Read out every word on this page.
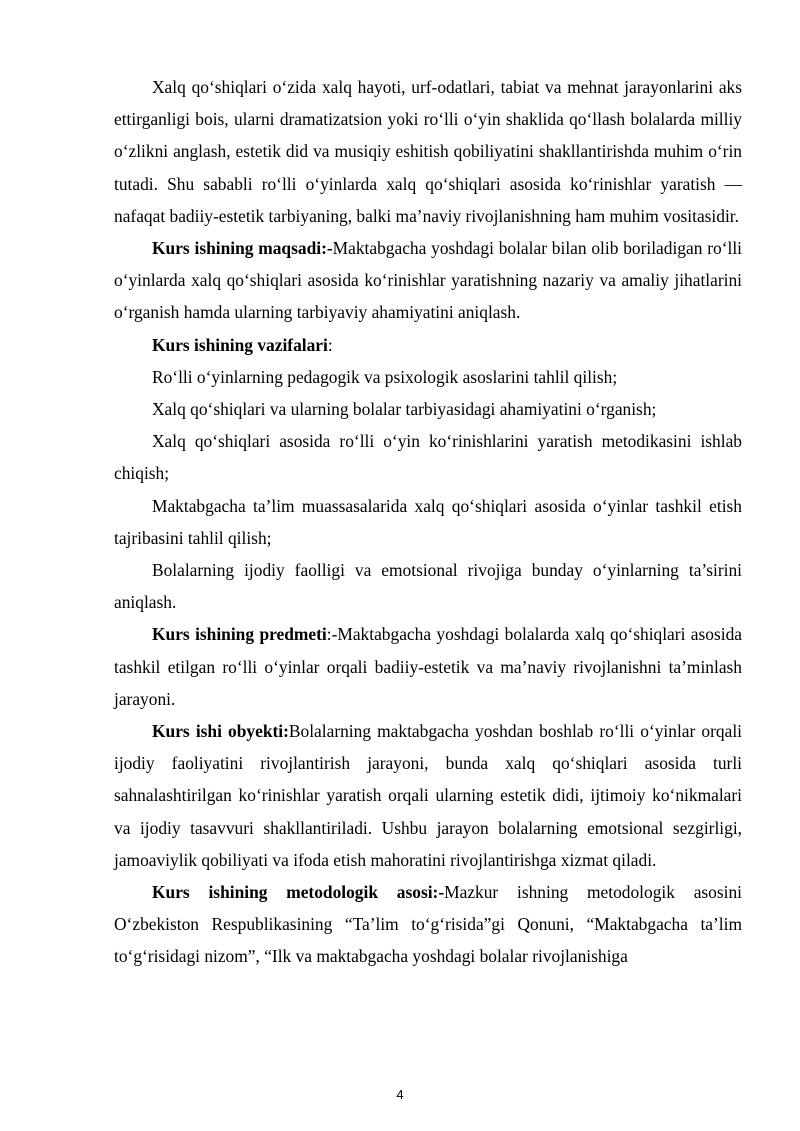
Xalq qo‘shiqlari o‘zida xalq hayoti, urf-odatlari, tabiat va mehnat jarayonlarini aks ettirganligi bois, ularni dramatizatsion yoki ro‘lli o‘yin shaklida qo‘llash bolalarda milliy o‘zlikni anglash, estetik did va musiqiy eshitish qobiliyatini shakllantirishda muhim o‘rin tutadi. Shu sababli ro‘lli o‘yinlarda xalq qo‘shiqlari asosida ko‘rinishlar yaratish — nafaqat badiiy-estetik tarbiyaning, balki ma’naviy rivojlanishning ham muhim vositasidir.

Kurs ishining maqsadi:-Maktabgacha yoshdagi bolalar bilan olib boriladigan ro‘lli o‘yinlarda xalq qo‘shiqlari asosida ko‘rinishlar yaratishning nazariy va amaliy jihatlarini o‘rganish hamda ularning tarbiyaviy ahamiyatini aniqlash.

Kurs ishining vazifalari:

Ro‘lli o‘yinlarning pedagogik va psixologik asoslarini tahlil qilish;

Xalq qo‘shiqlari va ularning bolalar tarbiyasidagi ahamiyatini o‘rganish;

Xalq qo‘shiqlari asosida ro‘lli o‘yin ko‘rinishlarini yaratish metodikasini ishlab chiqish;

Maktabgacha ta’lim muassasalarida xalq qo‘shiqlari asosida o‘yinlar tashkil etish tajribasini tahlil qilish;

Bolalarning ijodiy faolligi va emotsional rivojiga bunday o‘yinlarning ta’sirini aniqlash.

Kurs ishining predmeti:-Maktabgacha yoshdagi bolalarda xalq qo‘shiqlari asosida tashkil etilgan ro‘lli o‘yinlar orqali badiiy-estetik va ma’naviy rivojlanishni ta’minlash jarayoni.

Kurs ishi obyekti:Bolalarning maktabgacha yoshdan boshlab ro‘lli o‘yinlar orqali ijodiy faoliyatini rivojlantirish jarayoni, bunda xalq qo‘shiqlari asosida turli sahnalashtirilgan ko‘rinishlar yaratish orqali ularning estetik didi, ijtimoiy ko‘nikmalari va ijodiy tasavvuri shakllantiriladi. Ushbu jarayon bolalarning emotsional sezgirligi, jamoaviylik qobiliyati va ifoda etish mahoratini rivojlantirishga xizmat qiladi.

Kurs ishining metodologik asosi:-Mazkur ishning metodologik asosini O‘zbekiston Respublikasining “Ta’lim to‘g‘risida”gi Qonuni, “Maktabgacha ta’lim to‘g‘risidagi nizom”, “Ilk va maktabgacha yoshdagi bolalar rivojlanishiga

4
